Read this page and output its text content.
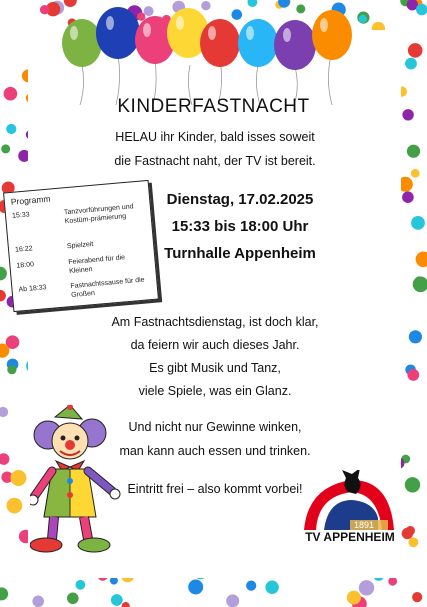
KINDERFASTNACHT
HELAU ihr Kinder, bald isses soweit
die Fastnacht naht, der TV ist bereit.
Dienstag, 17.02.2025
15:33 bis 18:00 Uhr
Turnhalle Appenheim
Programm
15:33	Tanzvorführungen und Kostüm-prämierung
16:22	Spielzeit
18:00	Feierabend für die Kleinen
Ab 18:33	Fastnachtssause für die Großen
Am Fastnachtsdienstag, ist doch klar,
da feiern wir auch dieses Jahr.
Es gibt Musik und Tanz,
viele Spiele, was ein Glanz.
Und nicht nur Gewinne winken,
man kann auch essen und trinken.
Eintritt frei – also kommt vorbei!
1891
TV APPENHEIM
